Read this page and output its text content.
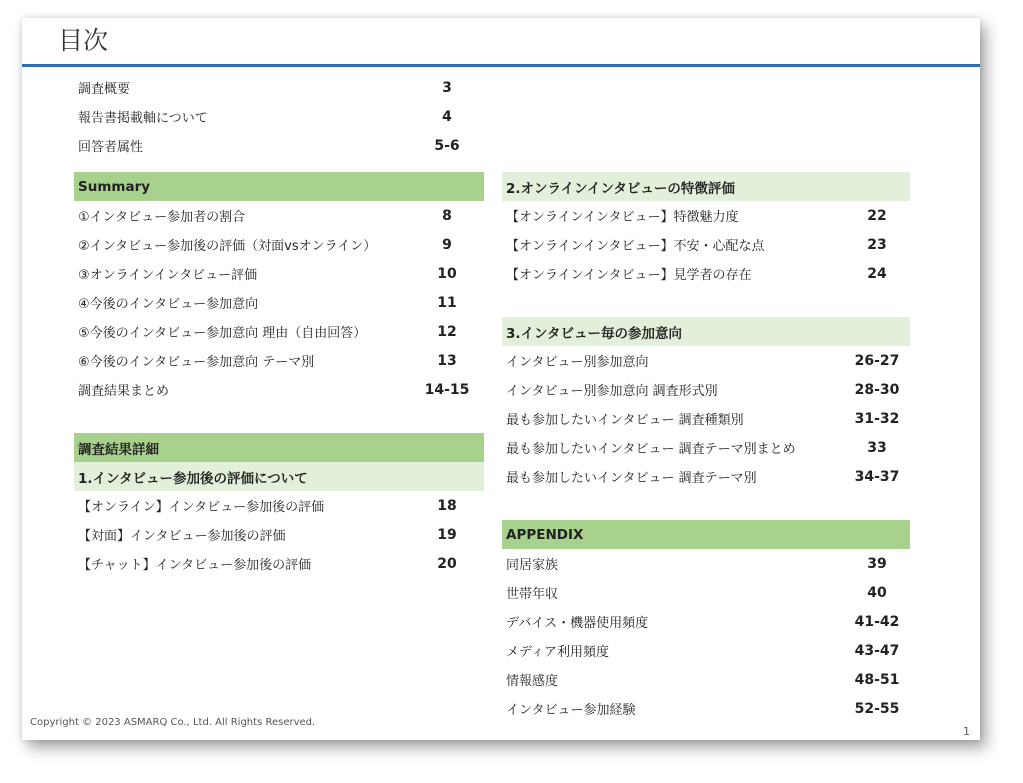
目次
調査概要	3
報告書掲載軸について	4
回答者属性	5-6
Summary
①インタビュー参加者の割合	8
②インタビュー参加後の評価（対面vsオンライン）	9
③オンラインインタビュー評価	10
④今後のインタビュー参加意向	11
⑤今後のインタビュー参加意向 理由（自由回答）	12
⑥今後のインタビュー参加意向 テーマ別	13
調査結果まとめ	14-15
調査結果詳細
1.インタビュー参加後の評価について
【オンライン】インタビュー参加後の評価	18
【対面】インタビュー参加後の評価	19
【チャット】インタビュー参加後の評価	20
2.オンラインインタビューの特徴評価
【オンラインインタビュー】特徴魅力度	22
【オンラインインタビュー】不安・心配な点	23
【オンラインインタビュー】見学者の存在	24
3.インタビュー毎の参加意向
インタビュー別参加意向	26-27
インタビュー別参加意向 調査形式別	28-30
最も参加したいインタビュー 調査種類別	31-32
最も参加したいインタビュー 調査テーマ別まとめ	33
最も参加したいインタビュー 調査テーマ別	34-37
APPENDIX
同居家族	39
世帯年収	40
デバイス・機器使用頻度	41-42
メディア利用頻度	43-47
情報感度	48-51
インタビュー参加経験	52-55
Copyright © 2023 ASMARQ Co., Ltd. All Rights Reserved.
1
